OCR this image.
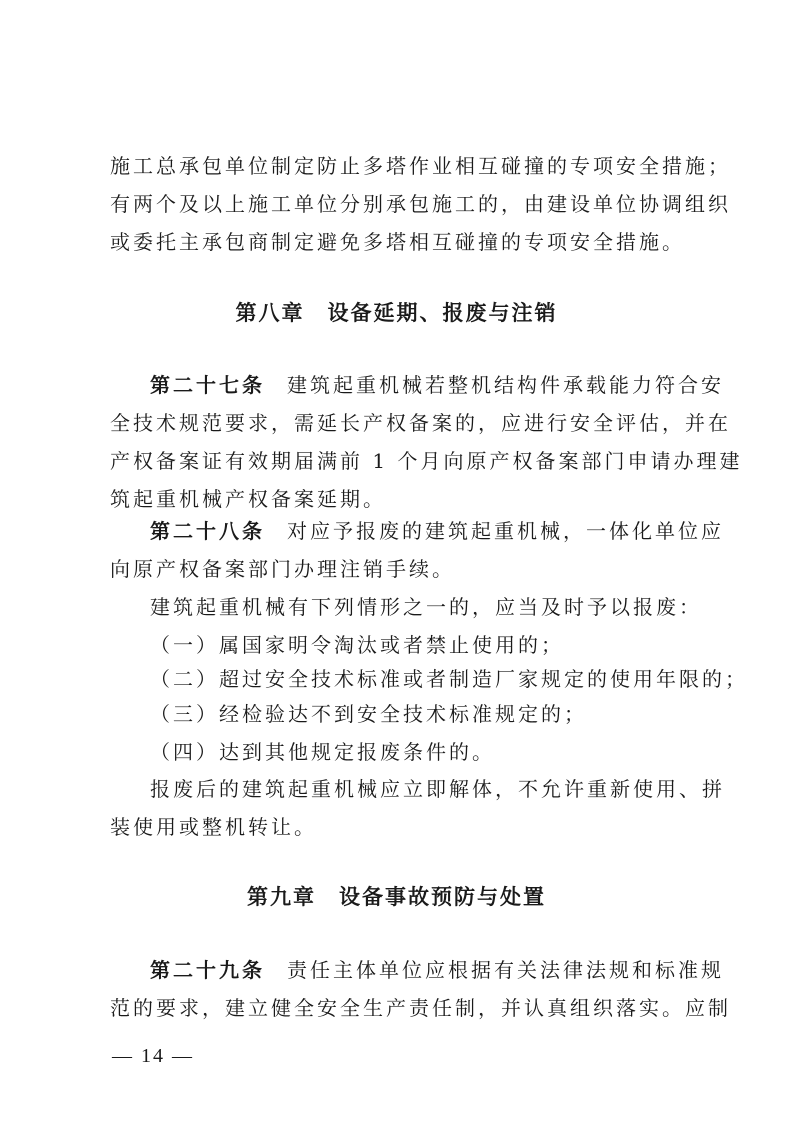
施工总承包单位制定防止多塔作业相互碰撞的专项安全措施；
有两个及以上施工单位分别承包施工的，由建设单位协调组织
或委托主承包商制定避免多塔相互碰撞的专项安全措施。
第八章　设备延期、报废与注销
第二十七条 建筑起重机械若整机结构件承载能力符合安
全技术规范要求，需延长产权备案的，应进行安全评估，并在
产权备案证有效期届满前 1 个月向原产权备案部门申请办理建
筑起重机械产权备案延期。
第二十八条 对应予报废的建筑起重机械，一体化单位应
向原产权备案部门办理注销手续。
建筑起重机械有下列情形之一的，应当及时予以报废：
（一）属国家明令淘汰或者禁止使用的；
（二）超过安全技术标准或者制造厂家规定的使用年限的；
（三）经检验达不到安全技术标准规定的；
（四）达到其他规定报废条件的。
报废后的建筑起重机械应立即解体，不允许重新使用、拼
装使用或整机转让。
第九章　设备事故预防与处置
第二十九条 责任主体单位应根据有关法律法规和标准规
范的要求，建立健全安全生产责任制，并认真组织落实。应制
— 14 —
